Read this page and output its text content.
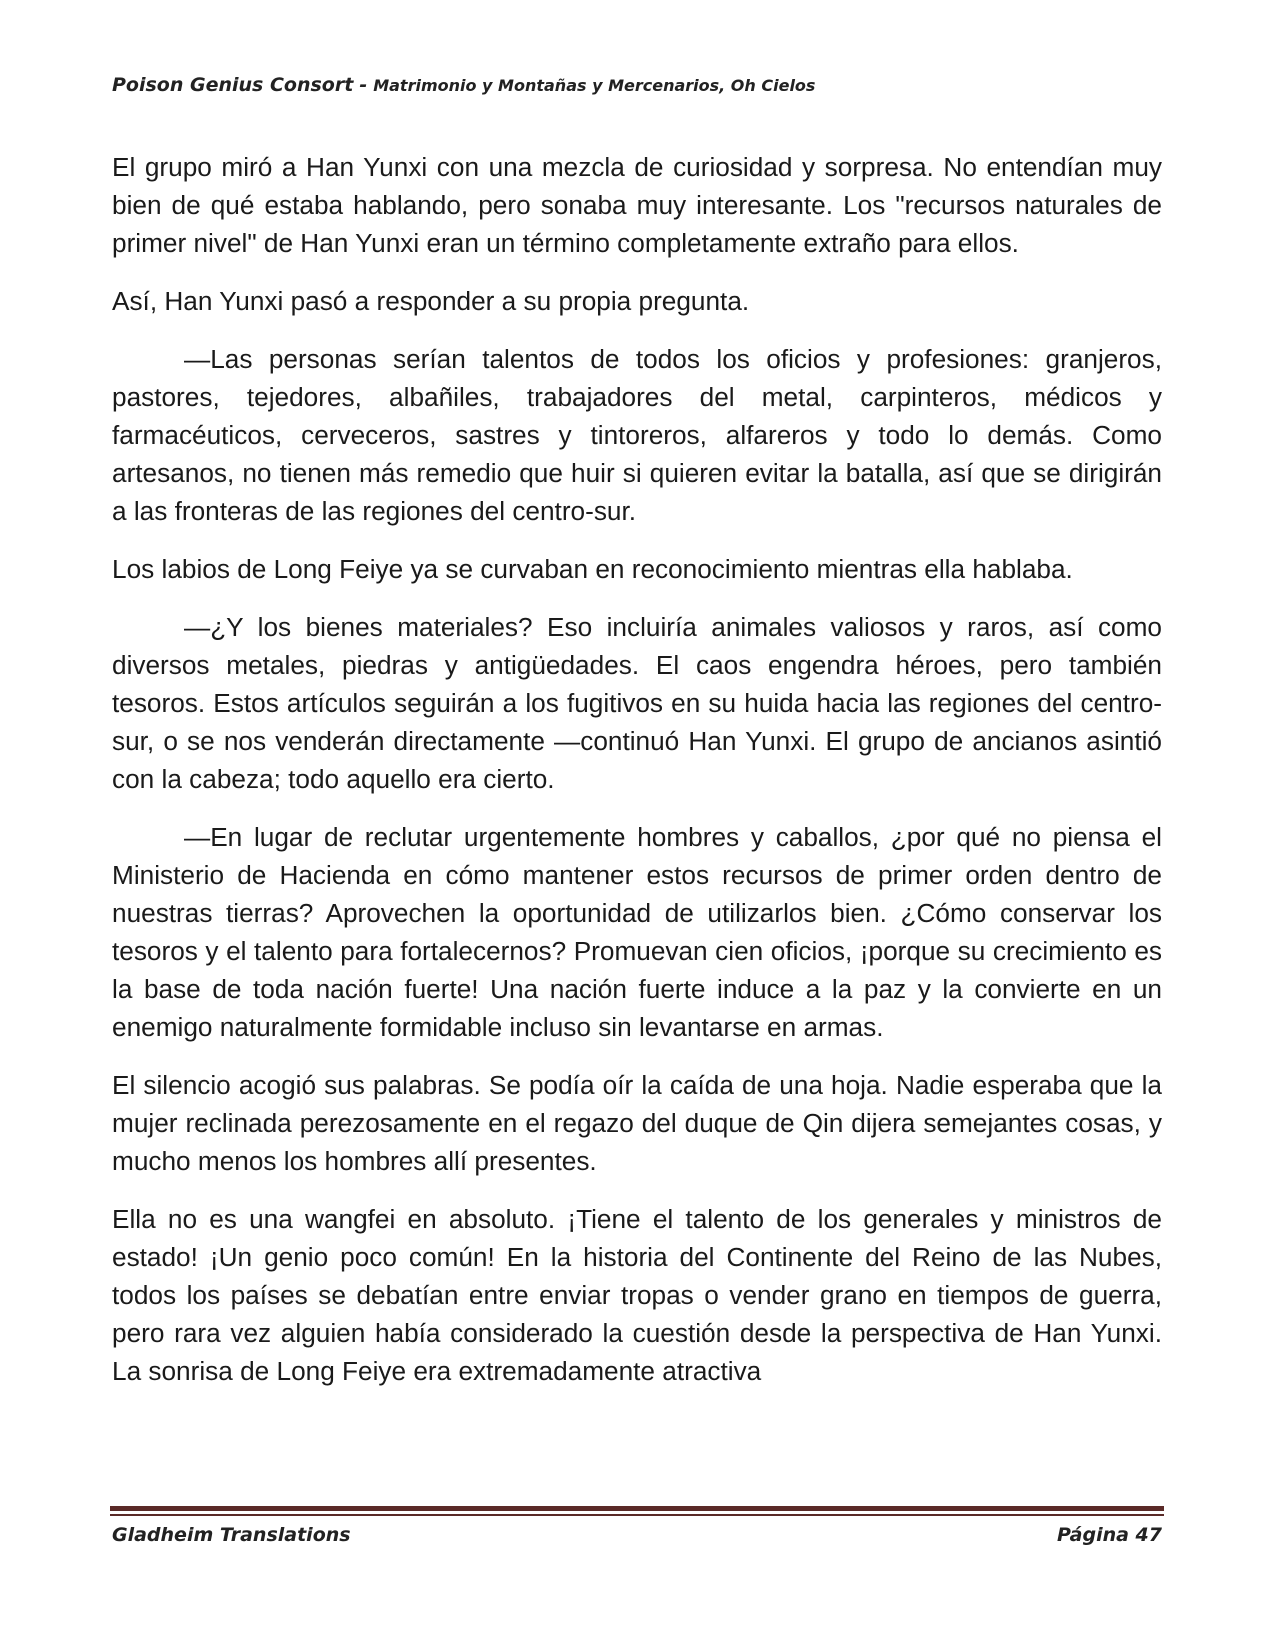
Poison Genius Consort - Matrimonio y Montañas y Mercenarios, Oh Cielos

El grupo miró a Han Yunxi con una mezcla de curiosidad y sorpresa. No entendían muy bien de qué estaba hablando, pero sonaba muy interesante. Los "recursos naturales de primer nivel" de Han Yunxi eran un término completamente extraño para ellos.

Así, Han Yunxi pasó a responder a su propia pregunta.

—Las personas serían talentos de todos los oficios y profesiones: granjeros, pastores, tejedores, albañiles, trabajadores del metal, carpinteros, médicos y farmacéuticos, cerveceros, sastres y tintoreros, alfareros y todo lo demás. Como artesanos, no tienen más remedio que huir si quieren evitar la batalla, así que se dirigirán a las fronteras de las regiones del centro-sur.

Los labios de Long Feiye ya se curvaban en reconocimiento mientras ella hablaba.

—¿Y los bienes materiales? Eso incluiría animales valiosos y raros, así como diversos metales, piedras y antigüedades. El caos engendra héroes, pero también tesoros. Estos artículos seguirán a los fugitivos en su huida hacia las regiones del centro-sur, o se nos venderán directamente —continuó Han Yunxi. El grupo de ancianos asintió con la cabeza; todo aquello era cierto.

—En lugar de reclutar urgentemente hombres y caballos, ¿por qué no piensa el Ministerio de Hacienda en cómo mantener estos recursos de primer orden dentro de nuestras tierras? Aprovechen la oportunidad de utilizarlos bien. ¿Cómo conservar los tesoros y el talento para fortalecernos? Promuevan cien oficios, ¡porque su crecimiento es la base de toda nación fuerte! Una nación fuerte induce a la paz y la convierte en un enemigo naturalmente formidable incluso sin levantarse en armas.

El silencio acogió sus palabras. Se podía oír la caída de una hoja. Nadie esperaba que la mujer reclinada perezosamente en el regazo del duque de Qin dijera semejantes cosas, y mucho menos los hombres allí presentes.

Ella no es una wangfei en absoluto. ¡Tiene el talento de los generales y ministros de estado! ¡Un genio poco común! En la historia del Continente del Reino de las Nubes, todos los países se debatían entre enviar tropas o vender grano en tiempos de guerra, pero rara vez alguien había considerado la cuestión desde la perspectiva de Han Yunxi. La sonrisa de Long Feiye era extremadamente atractiva

Gladheim Translations	Página 47
